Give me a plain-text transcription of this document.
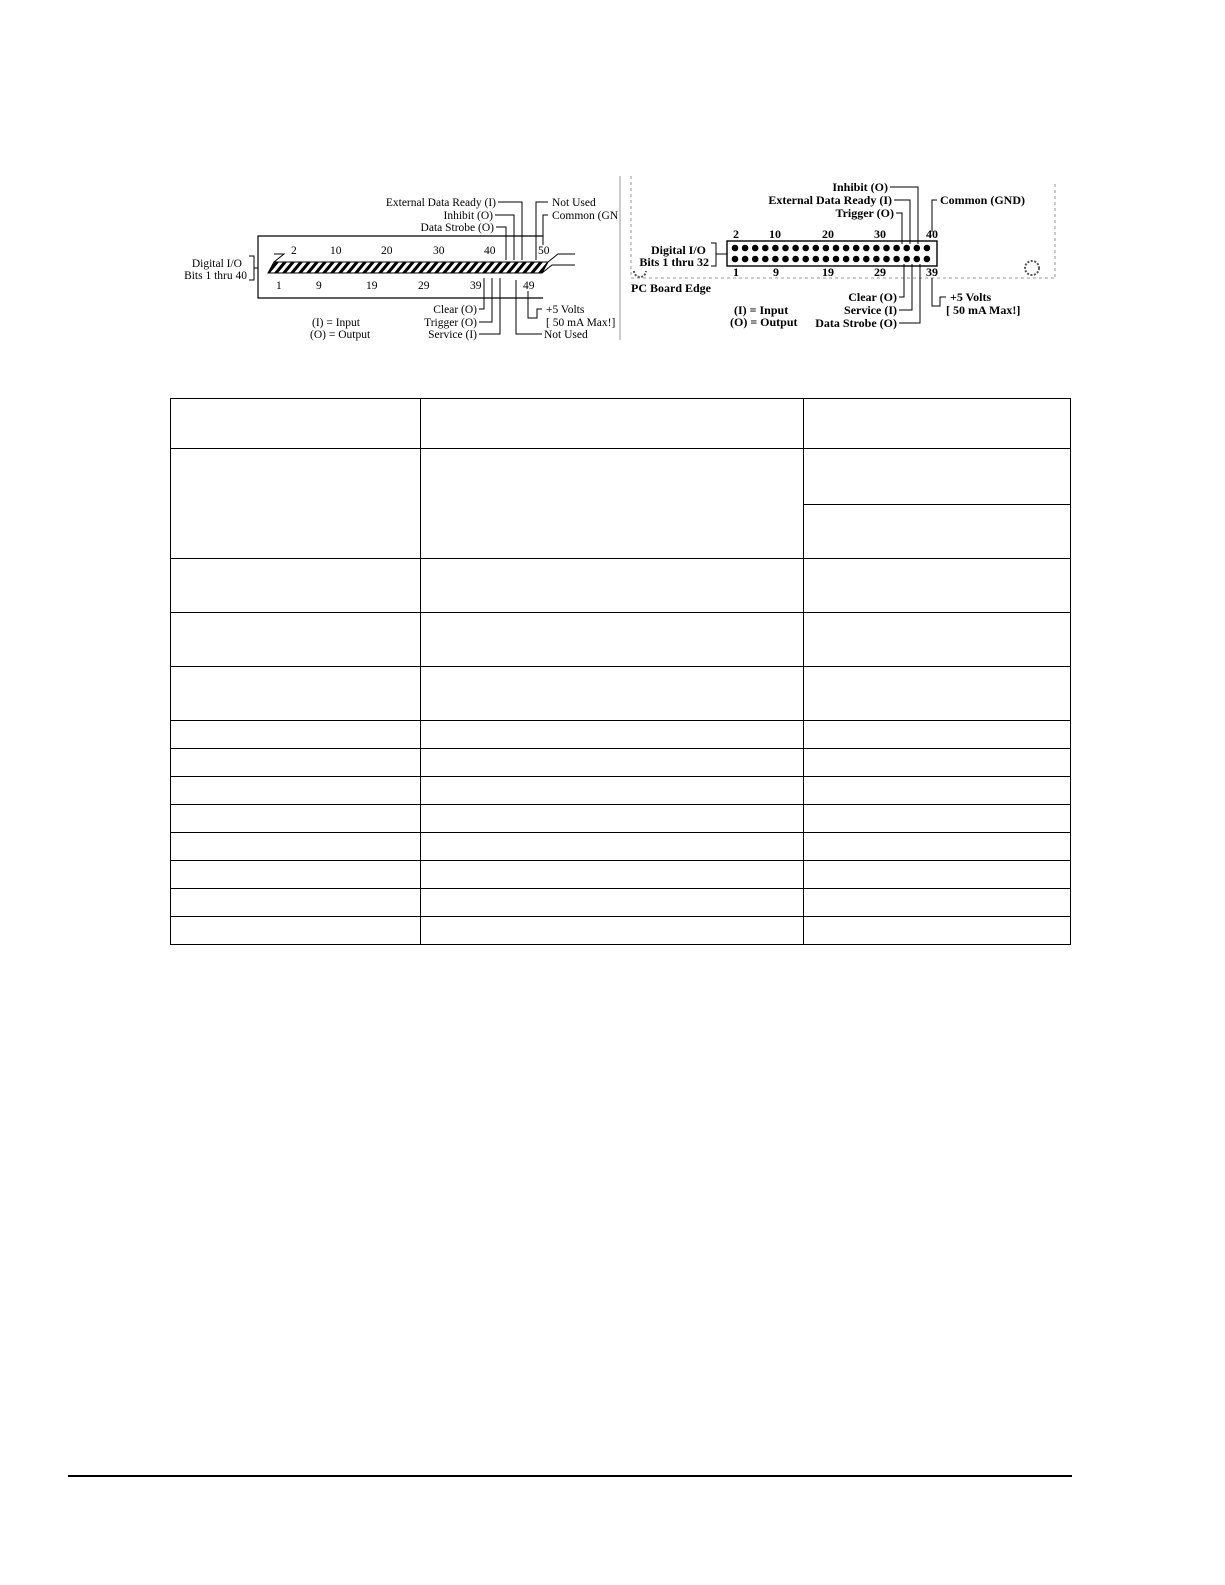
2	10	20	30	40	50
1	9	19	29	39	49
Digital I/O
Bits 1 thru 40
External Data Ready (I)
Inhibit (O)
Data Strobe (O)
Not Used
Common (GN
Clear (O)
Trigger (O)
Service (I)
+5 Volts
[ 50 mA Max!]
Not Used
(I) = Input
(O) = Output
2	10	20	30	40
1	9	19	29	39
Digital I/O
Bits 1 thru 32
PC Board Edge
Inhibit (O)
External Data Ready (I)
Trigger (O)
Common (GND)
Clear (O)
Service (I)
Data Strobe (O)
+5 Volts
[ 50 mA Max!]
(I) = Input
(O) = Output
